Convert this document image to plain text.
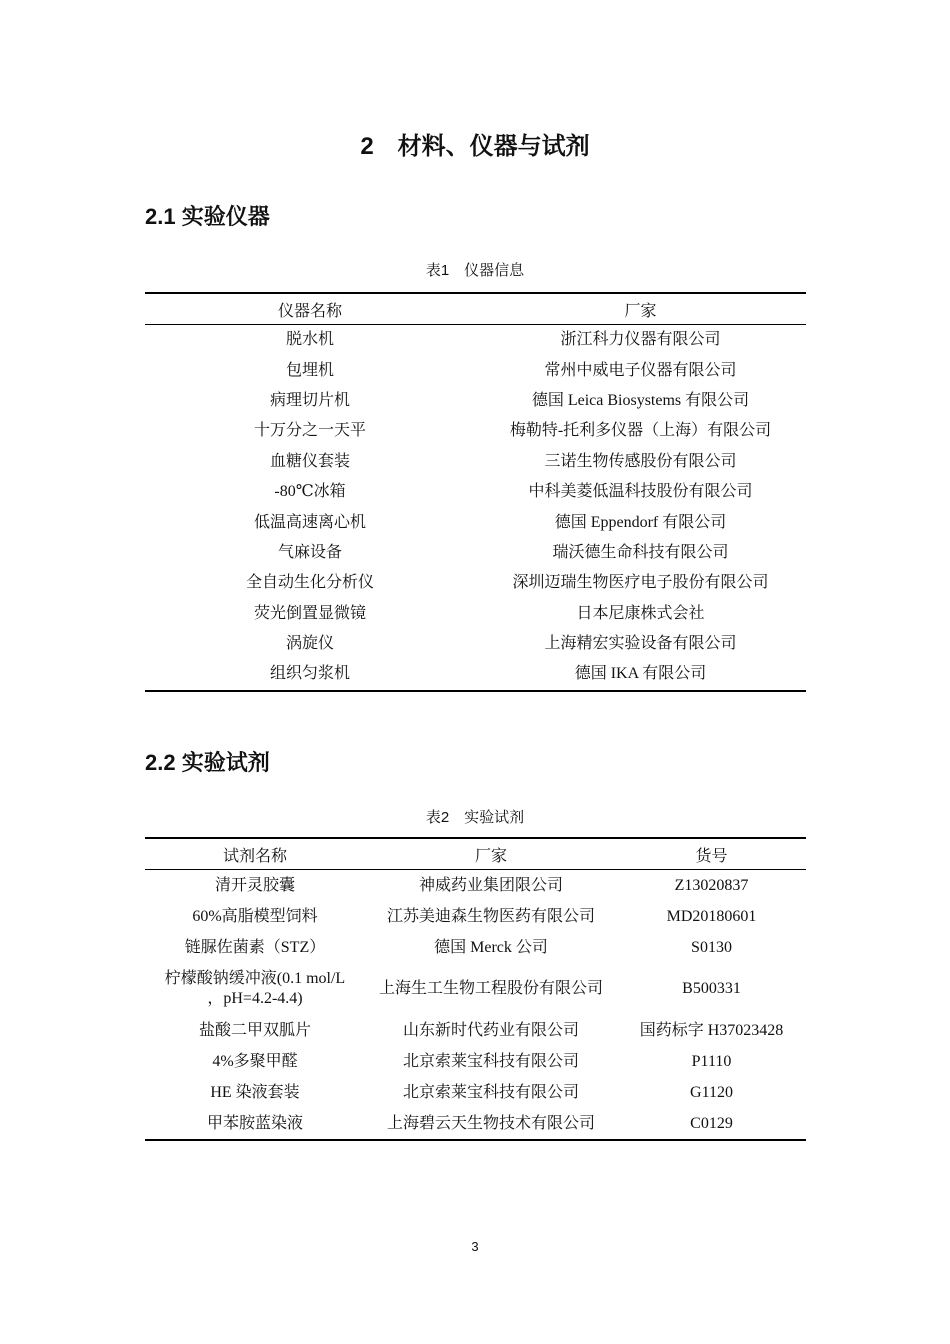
2　材料、仪器与试剂
2.1 实验仪器
表1　仪器信息
仪器名称	厂家
脱水机	浙江科力仪器有限公司
包埋机	常州中威电子仪器有限公司
病理切片机	德国 Leica Biosystems 有限公司
十万分之一天平	梅勒特-托利多仪器（上海）有限公司
血糖仪套装	三诺生物传感股份有限公司
-80℃冰箱	中科美菱低温科技股份有限公司
低温高速离心机	德国 Eppendorf 有限公司
气麻设备	瑞沃德生命科技有限公司
全自动生化分析仪	深圳迈瑞生物医疗电子股份有限公司
荧光倒置显微镜	日本尼康株式会社
涡旋仪	上海精宏实验设备有限公司
组织匀浆机	德国 IKA 有限公司
2.2 实验试剂
表2　实验试剂
试剂名称	厂家	货号
清开灵胶囊	神威药业集团限公司	Z13020837
60%高脂模型饲料	江苏美迪森生物医药有限公司	MD20180601
链脲佐菌素（STZ）	德国 Merck 公司	S0130
柠檬酸钠缓冲液(0.1 mol/L ，pH=4.2-4.4)	上海生工生物工程股份有限公司	B500331
盐酸二甲双胍片	山东新时代药业有限公司	国药标字 H37023428
4%多聚甲醛	北京索莱宝科技有限公司	P1110
HE 染液套装	北京索莱宝科技有限公司	G1120
甲苯胺蓝染液	上海碧云天生物技术有限公司	C0129
3
